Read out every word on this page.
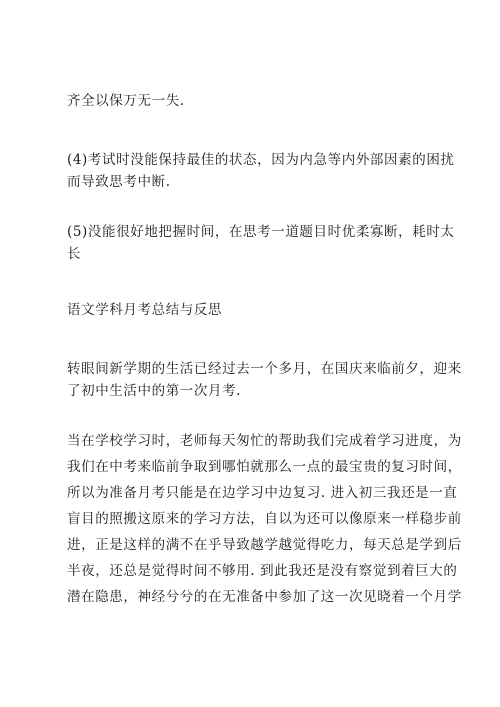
齐全以保万无一失.
(4)考试时没能保持最佳的状态，因为内急等内外部因素的困扰
而导致思考中断.
(5)没能很好地把握时间，在思考一道题目时优柔寡断，耗时太
长
语文学科月考总结与反思
转眼间新学期的生活已经过去一个多月，在国庆来临前夕，迎来
了初中生活中的第一次月考.
当在学校学习时，老师每天匆忙的帮助我们完成着学习进度，为
我们在中考来临前争取到哪怕就那么一点的最宝贵的复习时间，
所以为准备月考只能是在边学习中边复习. 进入初三我还是一直
盲目的照搬这原来的学习方法，自以为还可以像原来一样稳步前
进，正是这样的满不在乎导致越学越觉得吃力，每天总是学到后
半夜，还总是觉得时间不够用. 到此我还是没有察觉到着巨大的
潜在隐患，神经兮兮的在无准备中参加了这一次见晓着一个月学
